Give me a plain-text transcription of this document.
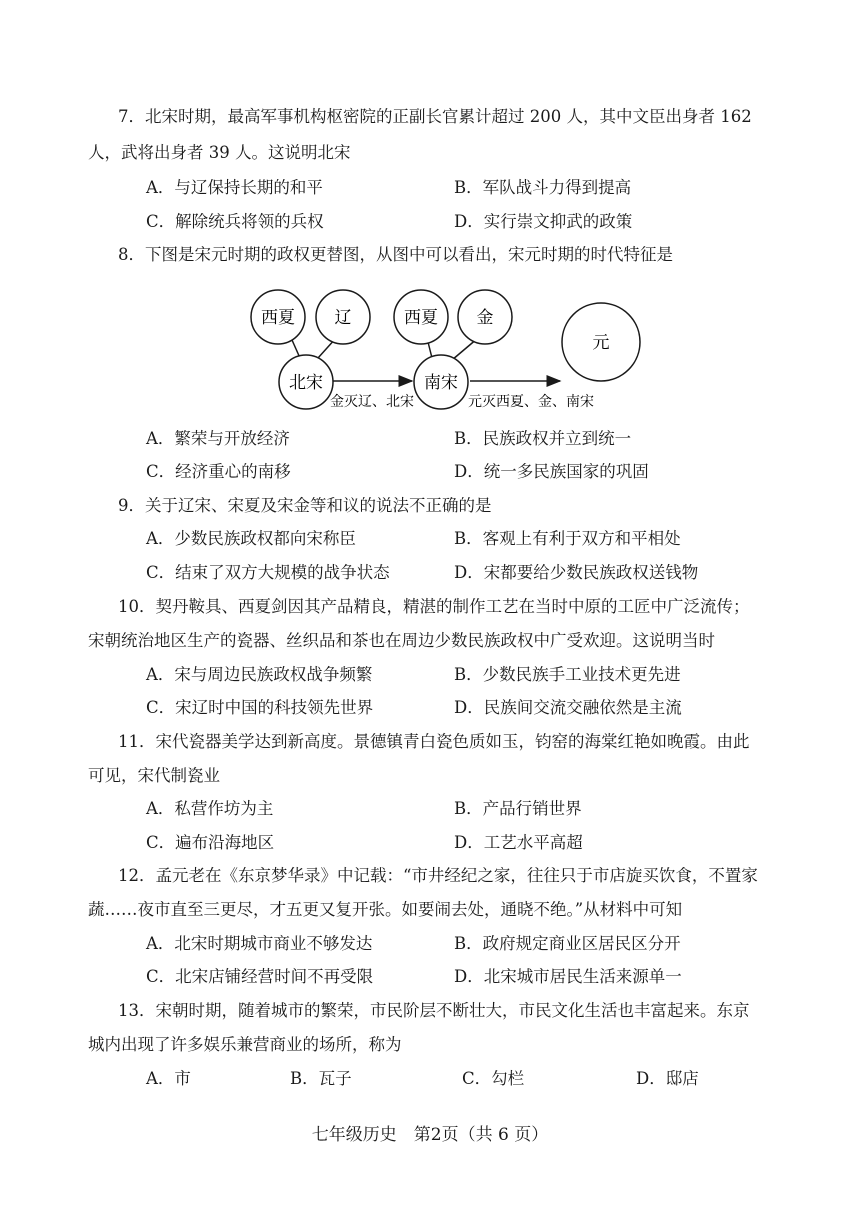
7．北宋时期，最高军事机构枢密院的正副长官累计超过 200 人，其中文臣出身者 162
人，武将出身者 39 人。这说明北宋
A．与辽保持长期的和平	B．军队战斗力得到提高
C．解除统兵将领的兵权	D．实行崇文抑武的政策
8．下图是宋元时期的政权更替图，从图中可以看出，宋元时期的时代特征是
西夏 辽
北宋
西夏 金
南宋
元
金灭辽、北宋	元灭西夏、金、南宋
A．繁荣与开放经济	B．民族政权并立到统一
C．经济重心的南移	D．统一多民族国家的巩固
9．关于辽宋、宋夏及宋金等和议的说法不正确的是
A．少数民族政权都向宋称臣	B．客观上有利于双方和平相处
C．结束了双方大规模的战争状态	D．宋都要给少数民族政权送钱物
10．契丹鞍具、西夏剑因其产品精良，精湛的制作工艺在当时中原的工匠中广泛流传；
宋朝统治地区生产的瓷器、丝织品和茶也在周边少数民族政权中广受欢迎。这说明当时
A．宋与周边民族政权战争频繁	B．少数民族手工业技术更先进
C．宋辽时中国的科技领先世界	D．民族间交流交融依然是主流
11．宋代瓷器美学达到新高度。景德镇青白瓷色质如玉，钧窑的海棠红艳如晚霞。由此
可见，宋代制瓷业
A．私营作坊为主	B．产品行销世界
C．遍布沿海地区	D．工艺水平高超
12．孟元老在《东京梦华录》中记载：“市井经纪之家，往往只于市店旋买饮食，不置家
蔬……夜市直至三更尽，才五更又复开张。如要闹去处，通晓不绝。”从材料中可知
A．北宋时期城市商业不够发达	B．政府规定商业区居民区分开
C．北宋店铺经营时间不再受限	D．北宋城市居民生活来源单一
13．宋朝时期，随着城市的繁荣，市民阶层不断壮大，市民文化生活也丰富起来。东京
城内出现了许多娱乐兼营商业的场所，称为
A．市	B．瓦子	C．勾栏	D．邸店
七年级历史　第2页（共 6 页）
